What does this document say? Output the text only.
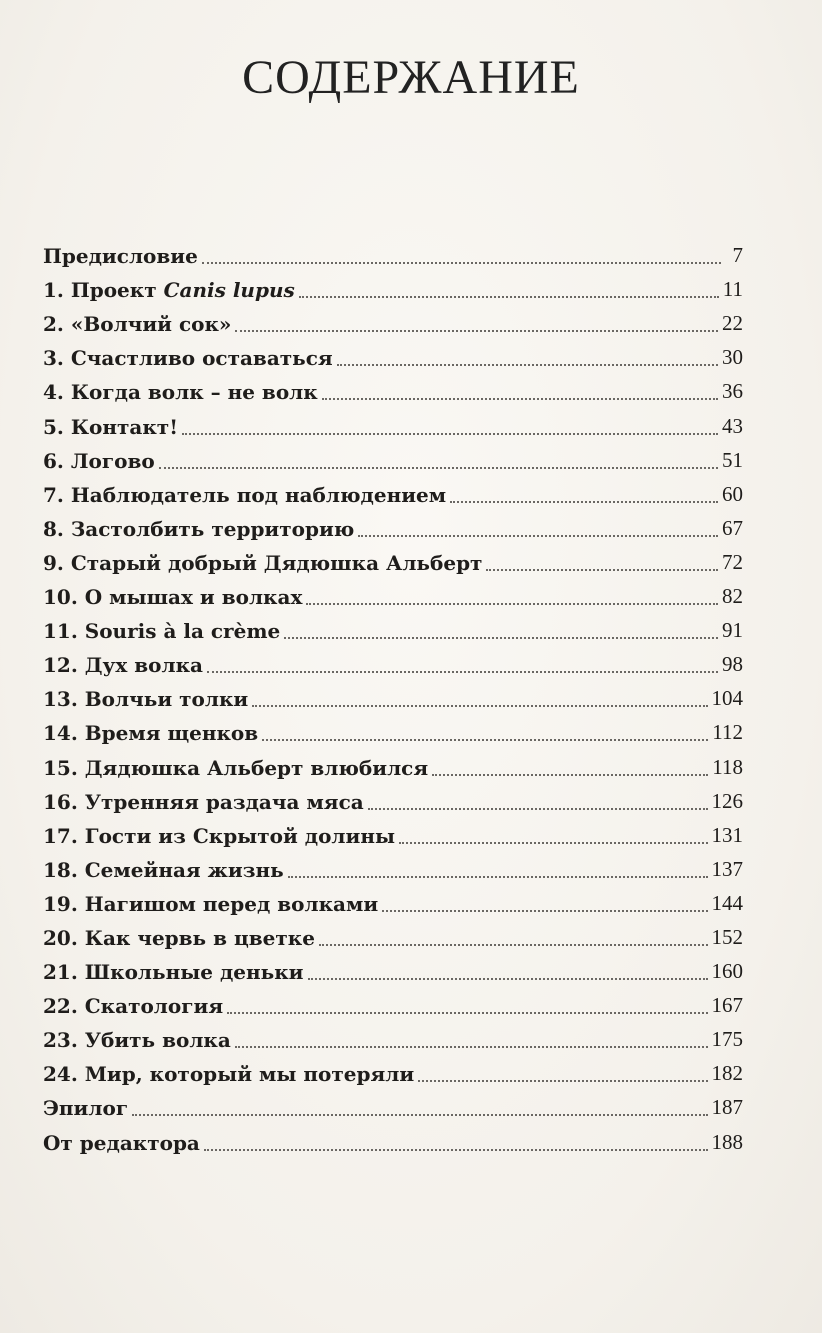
СОДЕРЖАНИЕ
Предисловие	7
1. Проект Canis lupus	11
2. «Волчий сок»	22
3. Счастливо оставаться	30
4. Когда волк – не волк	36
5. Контакт!	43
6. Логово	51
7. Наблюдатель под наблюдением	60
8. Застолбить территорию	67
9. Старый добрый Дядюшка Альберт	72
10. О мышах и волках	82
11. Souris à la crème	91
12. Дух волка	98
13. Волчьи толки	104
14. Время щенков	112
15. Дядюшка Альберт влюбился	118
16. Утренняя раздача мяса	126
17. Гости из Скрытой долины	131
18. Семейная жизнь	137
19. Нагишом перед волками	144
20. Как червь в цветке	152
21. Школьные деньки	160
22. Скатология	167
23. Убить волка	175
24. Мир, который мы потеряли	182
Эпилог	187
От редактора	188
